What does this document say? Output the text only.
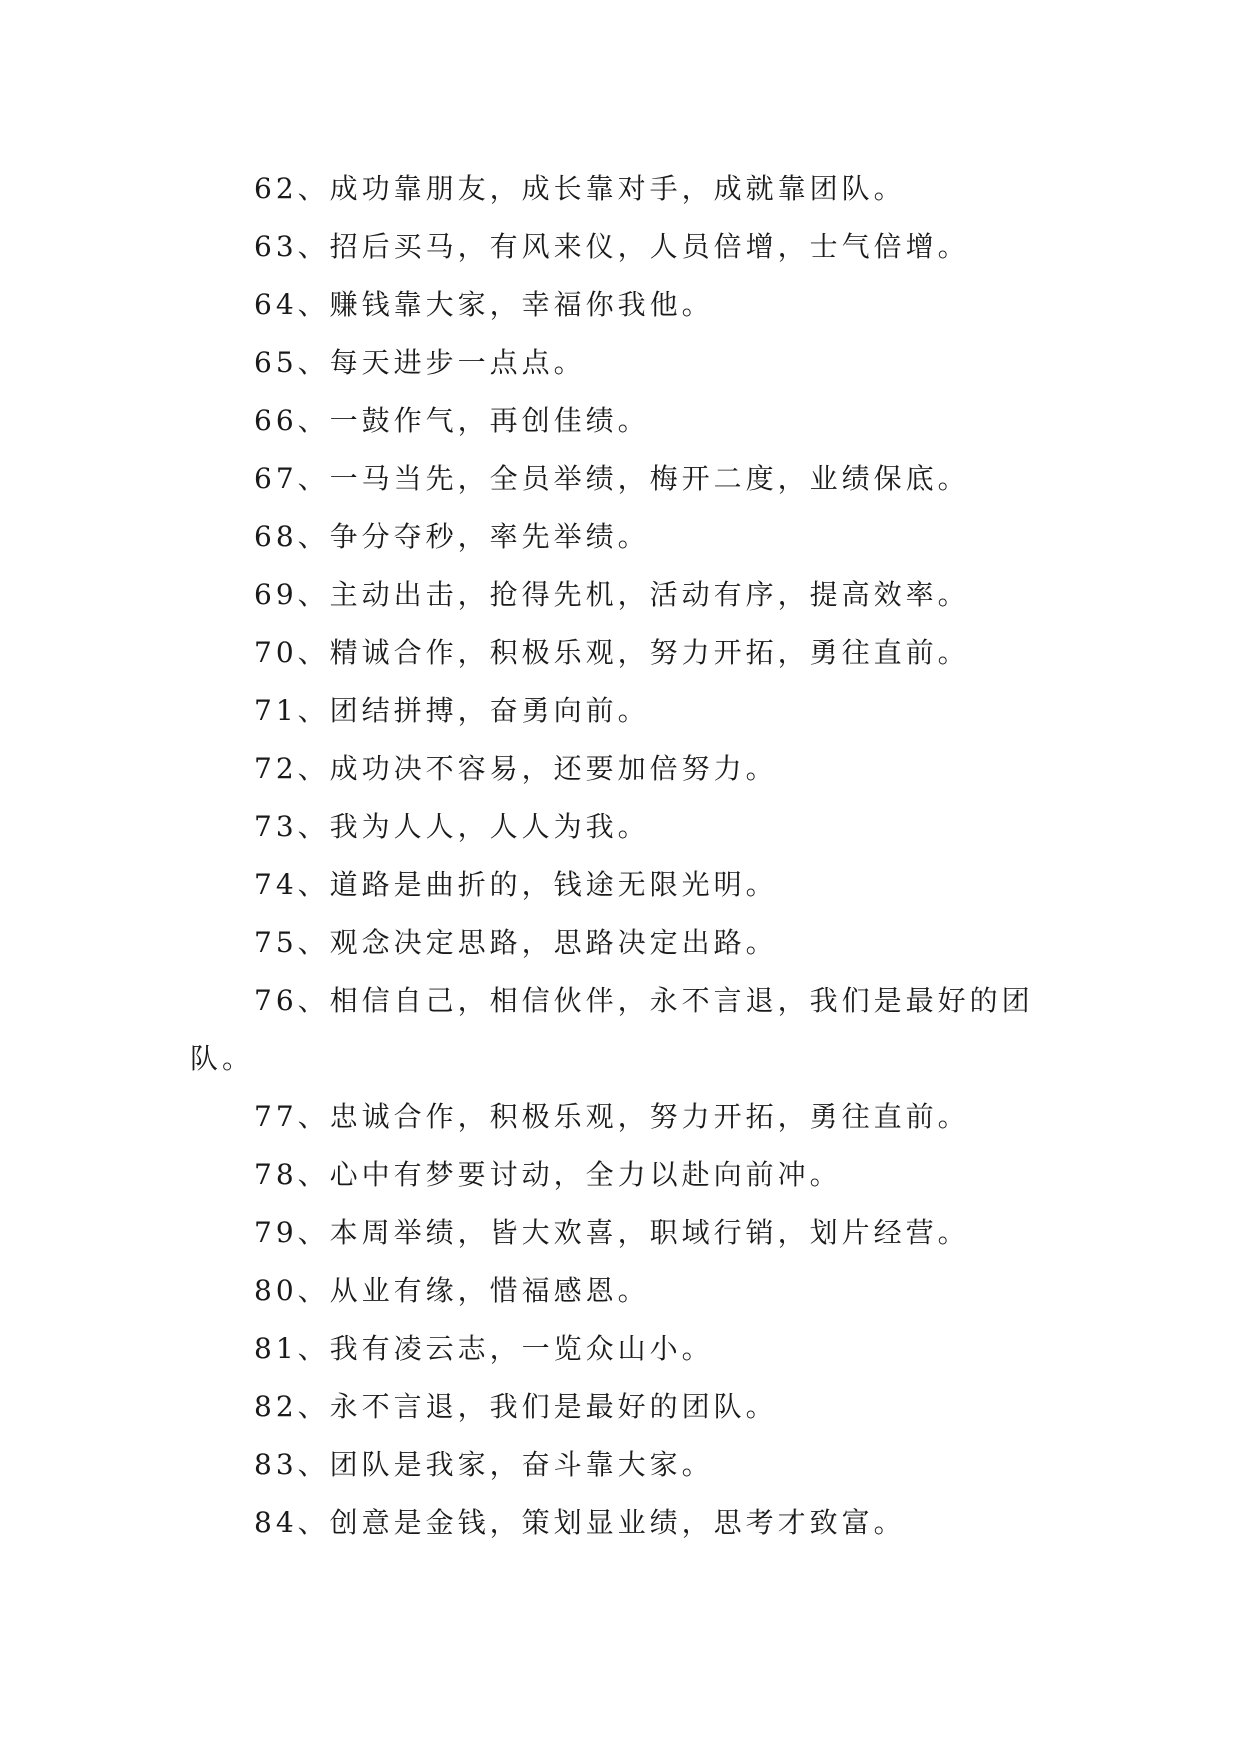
62、成功靠朋友，成长靠对手，成就靠团队。

63、招后买马，有风来仪，人员倍增，士气倍增。

64、赚钱靠大家，幸福你我他。

65、每天进步一点点。

66、一鼓作气，再创佳绩。

67、一马当先，全员举绩，梅开二度，业绩保底。

68、争分夺秒，率先举绩。

69、主动出击，抢得先机，活动有序，提高效率。

70、精诚合作，积极乐观，努力开拓，勇往直前。

71、团结拼搏，奋勇向前。

72、成功决不容易，还要加倍努力。

73、我为人人，人人为我。

74、道路是曲折的，钱途无限光明。

75、观念决定思路，思路决定出路。

76、相信自己，相信伙伴，永不言退，我们是最好的团队。

77、忠诚合作，积极乐观，努力开拓，勇往直前。

78、心中有梦要讨动，全力以赴向前冲。

79、本周举绩，皆大欢喜，职域行销，划片经营。

80、从业有缘，惜福感恩。

81、我有凌云志，一览众山小。

82、永不言退，我们是最好的团队。

83、团队是我家，奋斗靠大家。

84、创意是金钱，策划显业绩，思考才致富。
